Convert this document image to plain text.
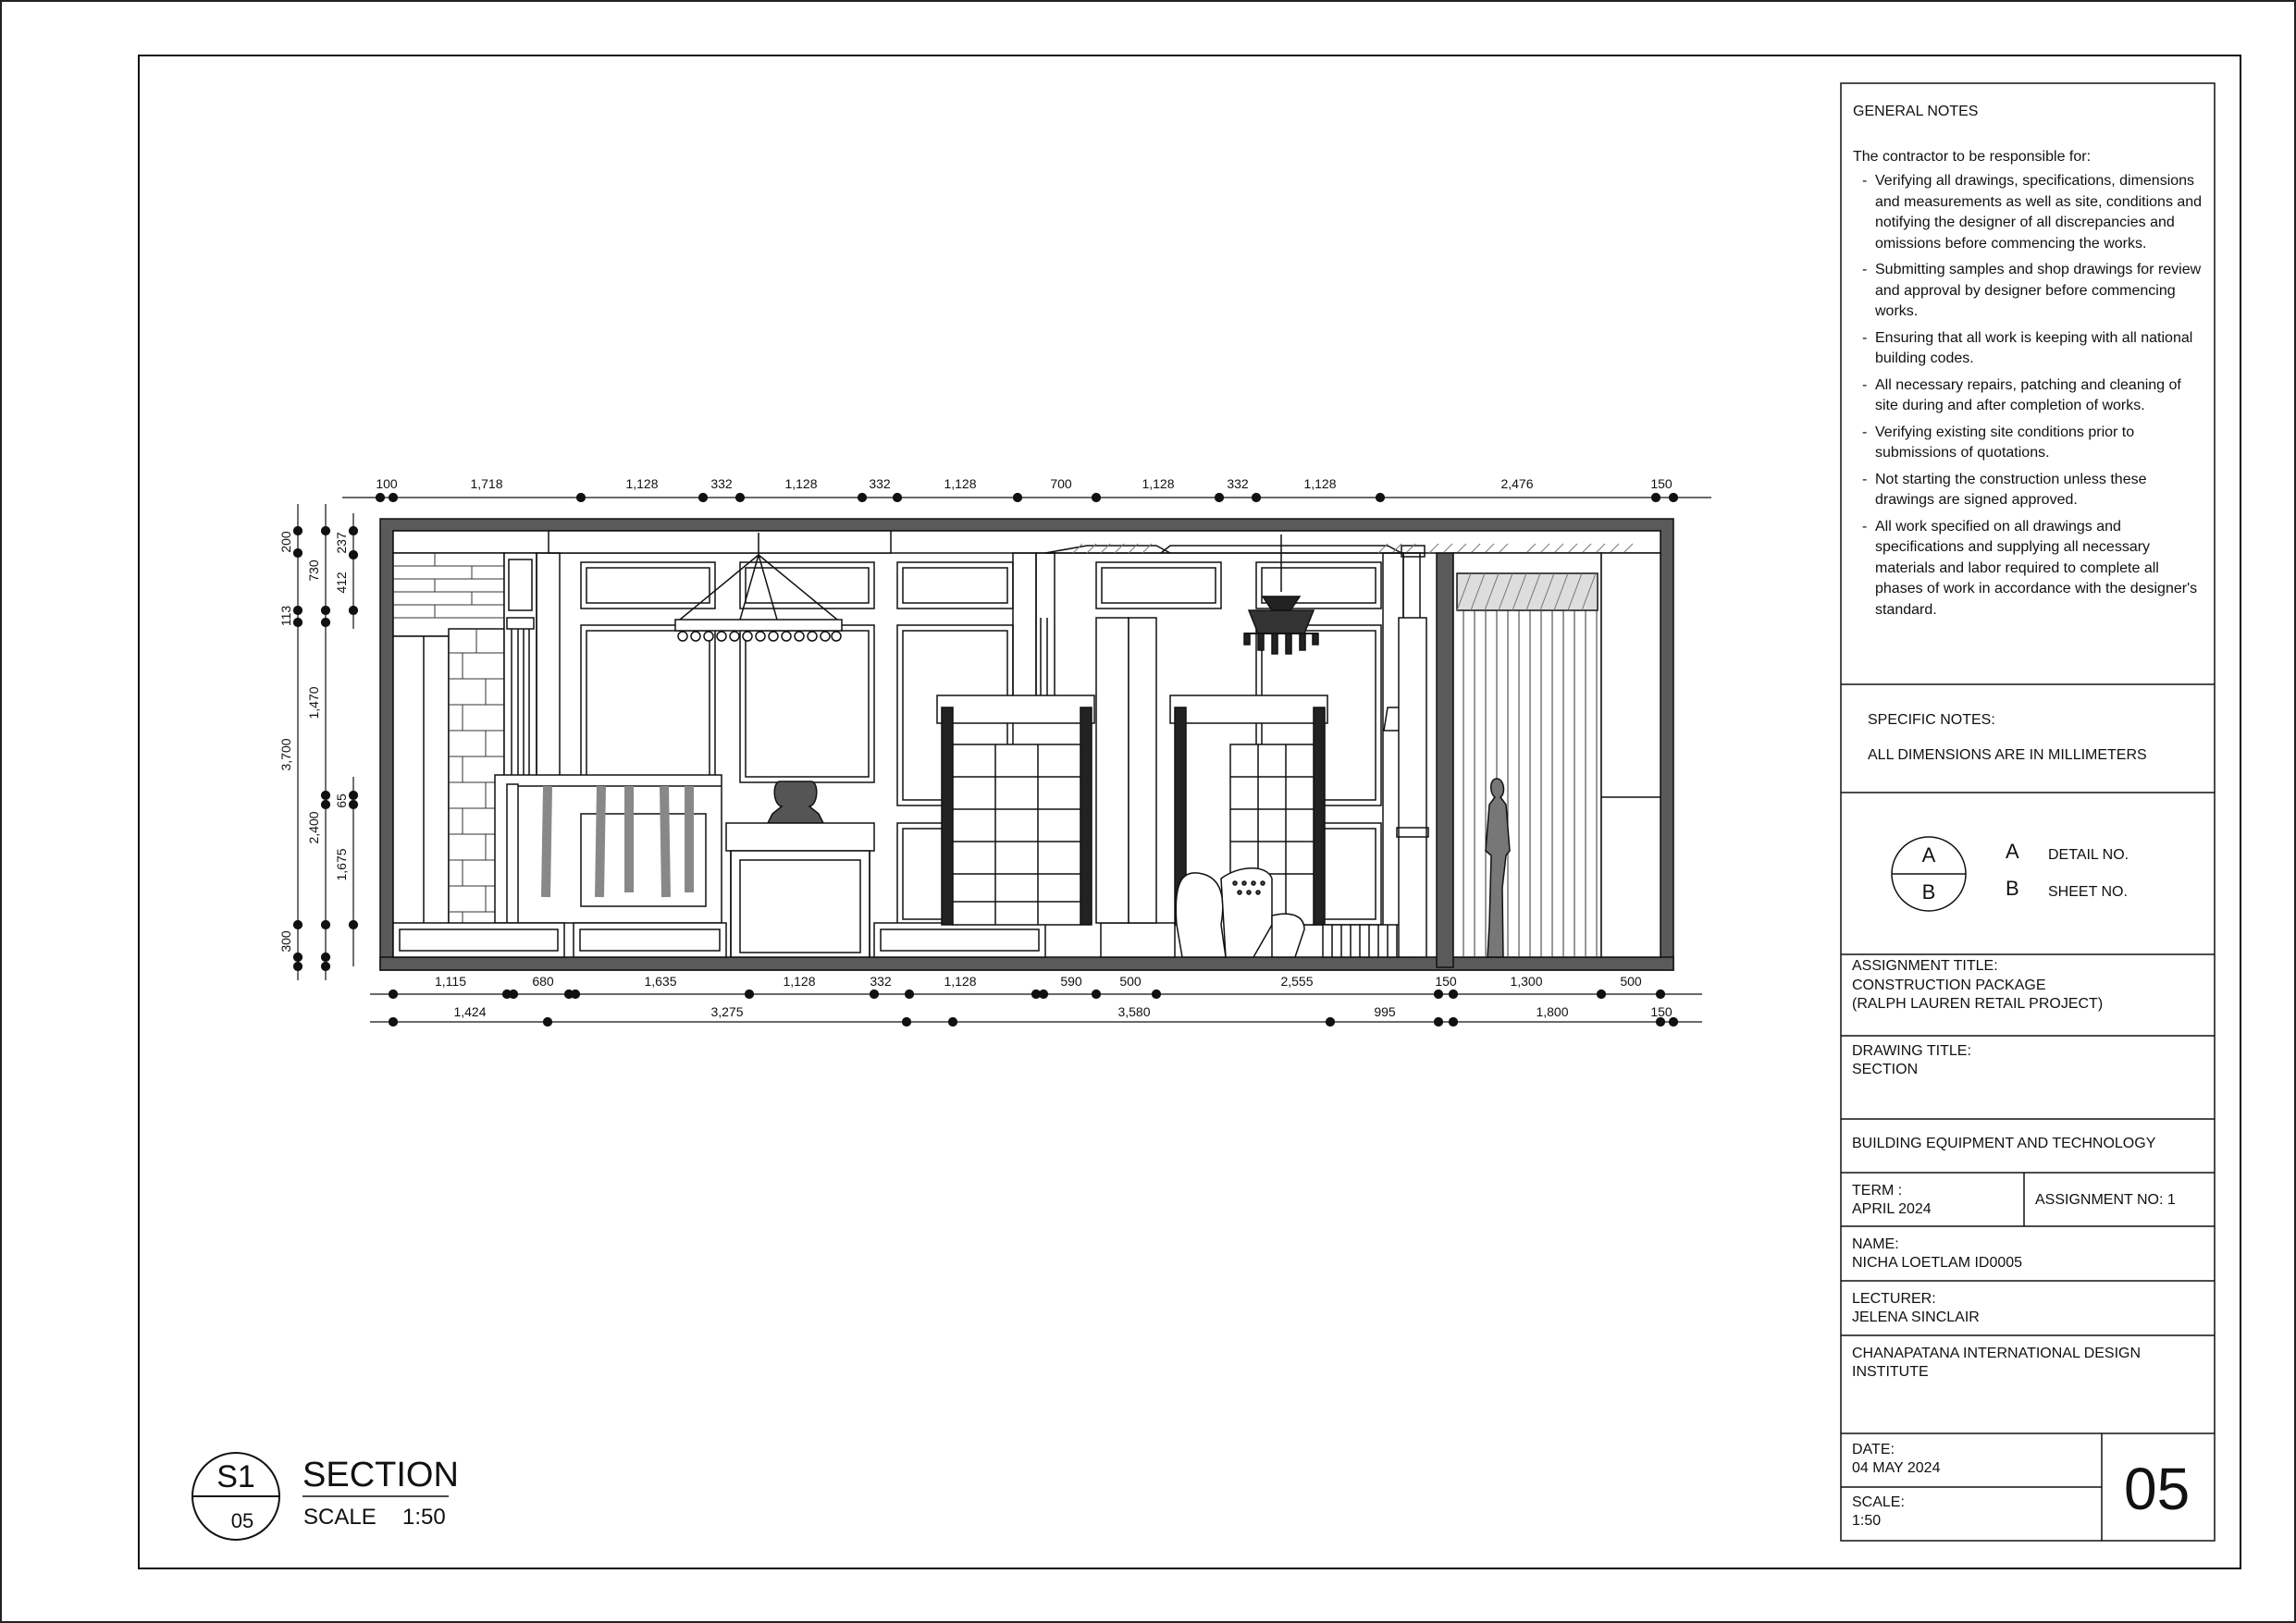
100	1,718	1,128	332	1,128	332	1,128	700	1,128	332	1,128	2,476	150
1,115	680	1,635	1,128	332	1,128	590	500	2,555	150	1,300	500
1,424	3,275	3,580	995	1,800	150
200
113
3,700
300
730
1,470
2,400
65
1,675
237
412
S1
05
SECTION
SCALE 1:50
A
B
GENERAL NOTES
The contractor to be responsible for:
- Verifying all drawings, specifications, dimensions and measurements as well as site, conditions and notifying the designer of all discrepancies and omissions before commencing the works.
- Submitting samples and shop drawings for review and approval by designer before commencing works.
- Ensuring that all work is keeping with all national building codes.
- All necessary repairs, patching and cleaning of site during and after completion of works.
- Verifying existing site conditions prior to submissions of quotations.
- Not starting the construction unless these drawings are signed approved.
- All work specified on all drawings and specifications and supplying all necessary materials and labor required to complete all phases of work in accordance with the designer's standard.
SPECIFIC NOTES:
ALL DIMENSIONS ARE IN MILLIMETERS
A DETAIL NO.
B SHEET NO.
ASSIGNMENT TITLE:
CONSTRUCTION PACKAGE
(RALPH LAUREN RETAIL PROJECT)
DRAWING TITLE:
SECTION
BUILDING EQUIPMENT AND TECHNOLOGY
TERM :
APRIL 2024
ASSIGNMENT NO: 1
NAME:
NICHA LOETLAM ID0005
LECTURER:
JELENA SINCLAIR
CHANAPATANA INTERNATIONAL DESIGN
INSTITUTE
DATE:
04 MAY 2024
SCALE:
1:50	05
